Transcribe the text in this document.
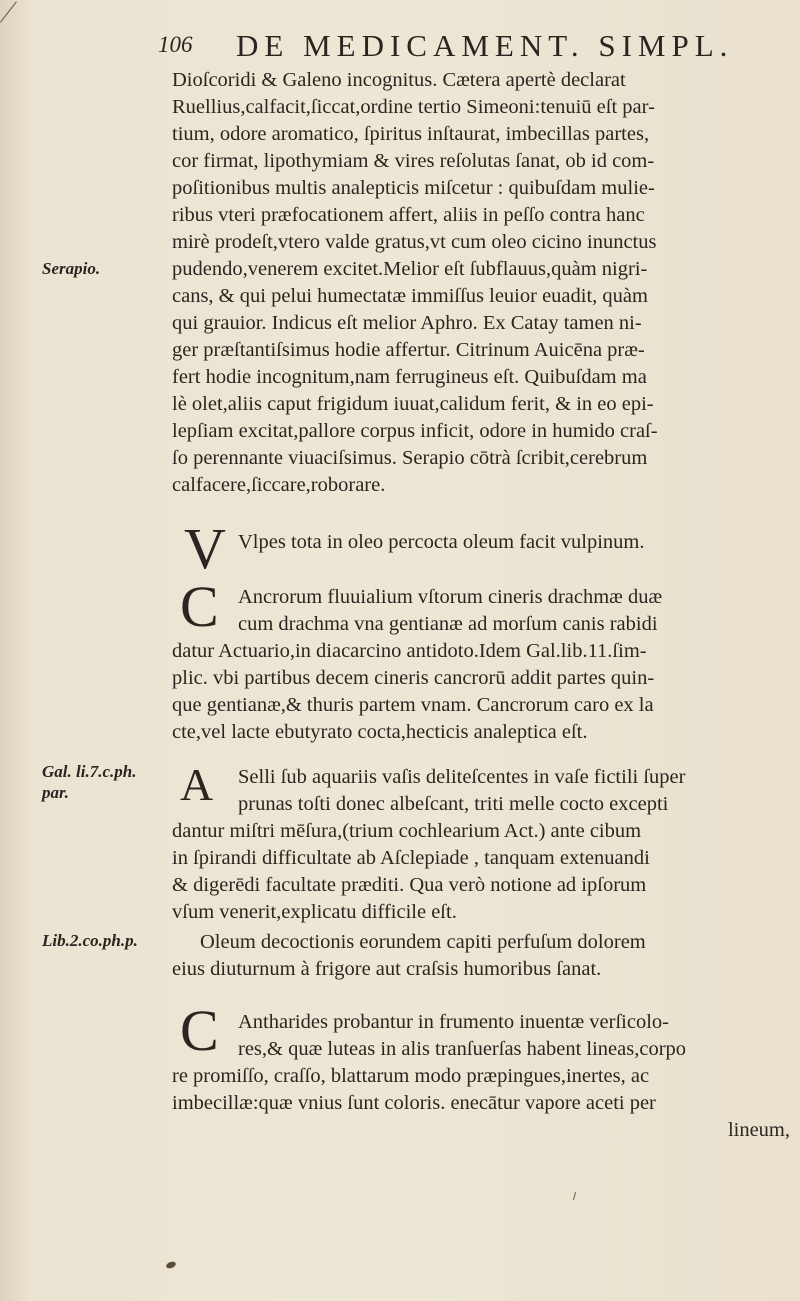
106 DE MEDICAMENT. SIMPL.
Serapio.
Gal. li.7.c.ph.
par.
Lib.2.co.ph.p.
Dioſcoridi & Galeno incognitus. Cætera apertè declarat
Ruellius,calfacit,ſiccat,ordine tertio Simeoni:tenuiū eſt par-
tium, odore aromatico, ſpiritus inſtaurat, imbecillas partes,
cor firmat, lipothymiam & vires reſolutas ſanat, ob id com-
poſitionibus multis analepticis miſcetur : quibuſdam mulie-
ribus vteri præfocationem affert, aliis in peſſo contra hanc
mirè prodeſt,vtero valde gratus,vt cum oleo cicino inunctus
pudendo,venerem excitet.Melior eſt ſubflauus,quàm nigri-
cans, & qui pelui humectatæ immiſſus leuior euadit, quàm
qui grauior. Indicus eſt melior Aphro. Ex Catay tamen ni-
ger præſtantiſsimus hodie affertur. Citrinum Auicēna præ-
fert hodie incognitum,nam ferrugineus eſt. Quibuſdam ma
lè olet,aliis caput frigidum iuuat,calidum ferit, & in eo epi-
lepſiam excitat,pallore corpus inficit, odore in humido craſ-
ſo perennante viuaciſsimus. Serapio cōtrà ſcribit,cerebrum
calfacere,ſiccare,roborare.
V Vlpes tota in oleo percocta oleum facit vulpinum.
C Ancrorum fluuialium vſtorum cineris drachmæ duæ
cum drachma vna gentianæ ad morſum canis rabidi
datur Actuario,in diacarcino antidoto.Idem Gal.lib.11.ſim-
plic. vbi partibus decem cineris cancrorū addit partes quin-
que gentianæ,& thuris partem vnam. Cancrorum caro ex la
cte,vel lacte ebutyrato cocta,hecticis analeptica eſt.
A Selli ſub aquariis vaſis deliteſcentes in vaſe fictili ſuper
prunas toſti donec albeſcant, triti melle cocto excepti
dantur miſtri mēſura,(trium cochlearium Act.) ante cibum
in ſpirandi difficultate ab Aſclepiade , tanquam extenuandi
& digerēdi facultate præditi. Qua verò notione ad ipſorum
vſum venerit,explicatu difficile eſt.
Oleum decoctionis eorundem capiti perfuſum dolorem
eius diuturnum à frigore aut craſsis humoribus ſanat.
C Antharides probantur in frumento inuentæ verſicolo-
res,& quæ luteas in alis tranſuerſas habent lineas,corpo
re promiſſo, craſſo, blattarum modo præpingues,inertes, ac
imbecillæ:quæ vnius ſunt coloris. enecātur vapore aceti per
lineum,
